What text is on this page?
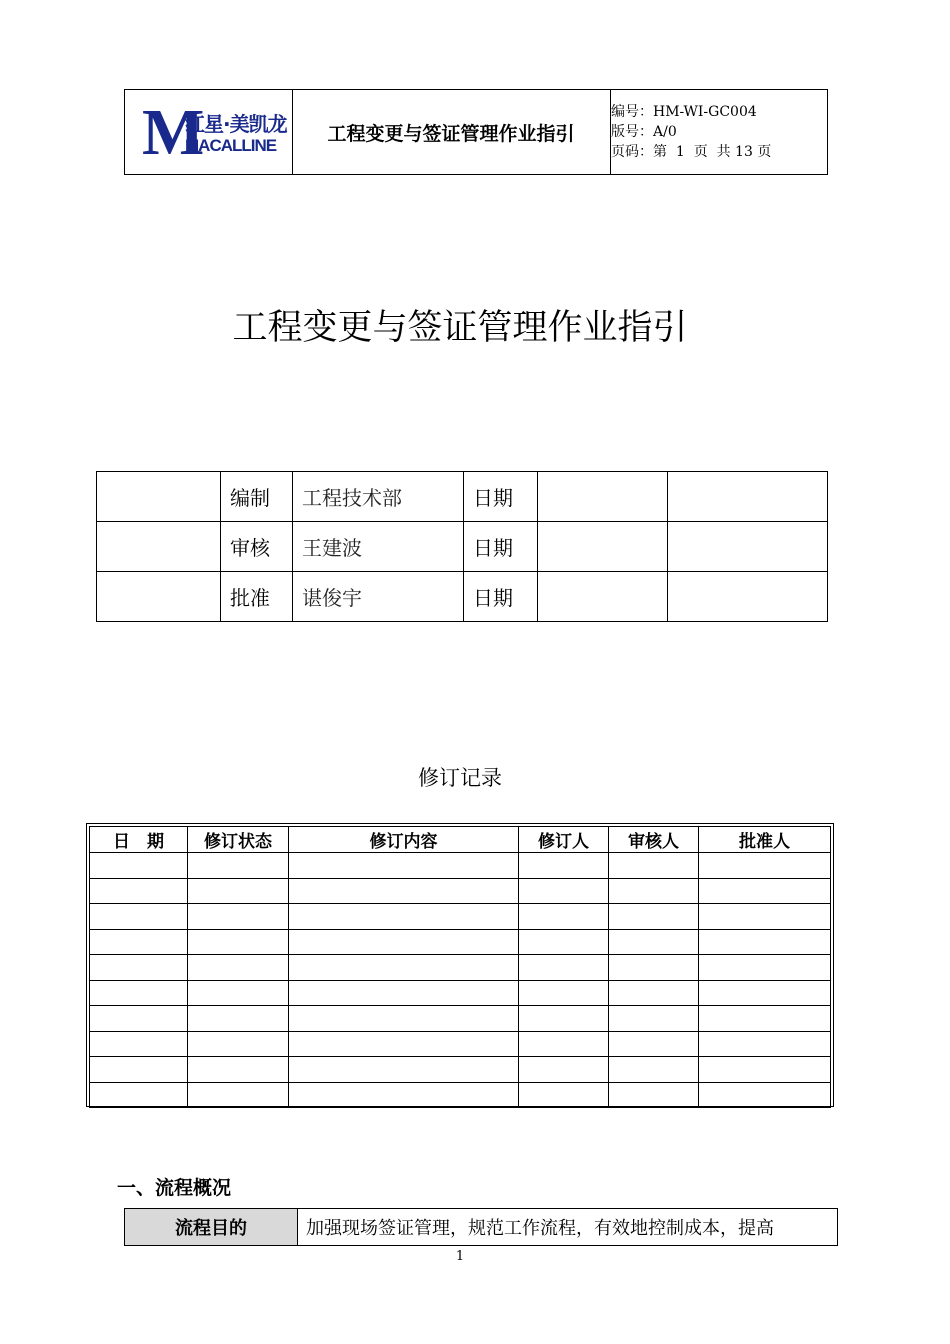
M
红星·美凯龙
MACALLINE
工程变更与签证管理作业指引
编号：HM-WI-GC004
版号：A/0
页码：第  1  页  共 13 页
工程变更与签证管理作业指引
	编制	工程技术部	日期		
	审核	王建波	日期		
	批准	谌俊宇	日期		
修订记录
日　期	修订状态	修订内容	修订人	审核人	批准人

一、流程概况
流程目的	加强现场签证管理，规范工作流程，有效地控制成本，提高
1
